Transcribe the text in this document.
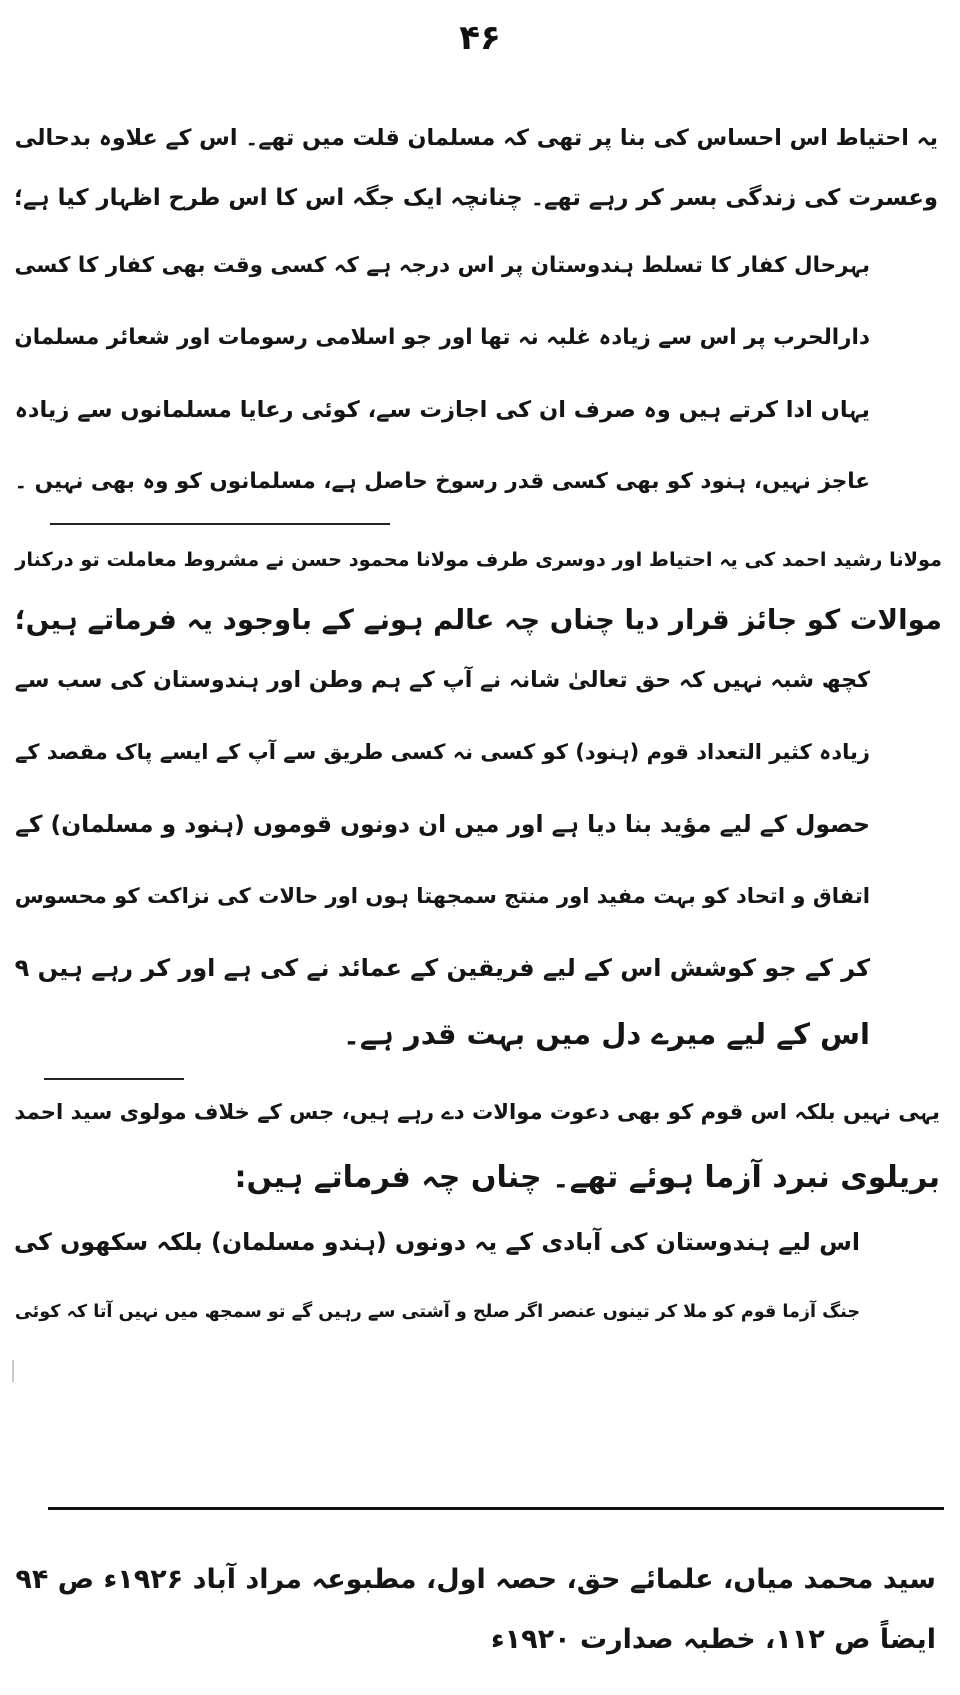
۴۶
یہ احتیاط اس احساس کی بنا پر تھی کہ مسلمان قلت میں تھے۔ اس کے علاوہ بدحالی
وعسرت کی زندگی بسر کر رہے تھے۔ چنانچہ ایک جگہ اس کا اس طرح اظہار کیا ہے؛
بہرحال کفار کا تسلط ہندوستان پر اس درجہ ہے کہ کسی وقت بھی کفار کا کسی
دارالحرب پر اس سے زیادہ غلبہ نہ تھا اور جو اسلامی رسومات اور شعائر مسلمان
یہاں ادا کرتے ہیں وہ صرف ان کی اجازت سے، کوئی رعایا مسلمانوں سے زیادہ
عاجز نہیں، ہنود کو بھی کسی قدر رسوخ حاصل ہے، مسلمانوں کو وہ بھی نہیں ۔
مولانا رشید احمد کی یہ احتیاط اور دوسری طرف مولانا محمود حسن نے مشروط معاملت تو درکنار
موالات کو جائز قرار دیا چناں چہ عالم ہونے کے باوجود یہ فرماتے ہیں؛
کچھ شبہ نہیں کہ حق تعالیٰ شانہ نے آپ کے ہم وطن اور ہندوستان کی سب سے
زیادہ کثیر التعداد قوم (ہنود) کو کسی نہ کسی طریق سے آپ کے ایسے پاک مقصد کے
حصول کے لیے مؤید بنا دیا ہے اور میں ان دونوں قوموں (ہنود و مسلمان) کے
اتفاق و اتحاد کو بہت مفید اور منتج سمجھتا ہوں اور حالات کی نزاکت کو محسوس
کر کے جو کوشش اس کے لیے فریقین کے عمائد نے کی ہے اور کر رہے ہیں ۹
اس کے لیے میرے دل میں بہت قدر ہے۔
یہی نہیں بلکہ اس قوم کو بھی دعوت موالات دے رہے ہیں، جس کے خلاف مولوی سید احمد
بریلوی نبرد آزما ہوئے تھے۔ چناں چہ فرماتے ہیں:
اس لیے ہندوستان کی آبادی کے یہ دونوں (ہندو مسلمان) بلکہ سکھوں کی
جنگ آزما قوم کو ملا کر تینوں عنصر اگر صلح و آشتی سے رہیں گے تو سمجھ میں نہیں آتا کہ کوئی
سید محمد میاں، علمائے حق، حصہ اول، مطبوعہ مراد آباد ۱۹۲۶ء ص ۹۴
ایضاً ص ۱۱۲، خطبہ صدارت ۱۹۲۰ء
